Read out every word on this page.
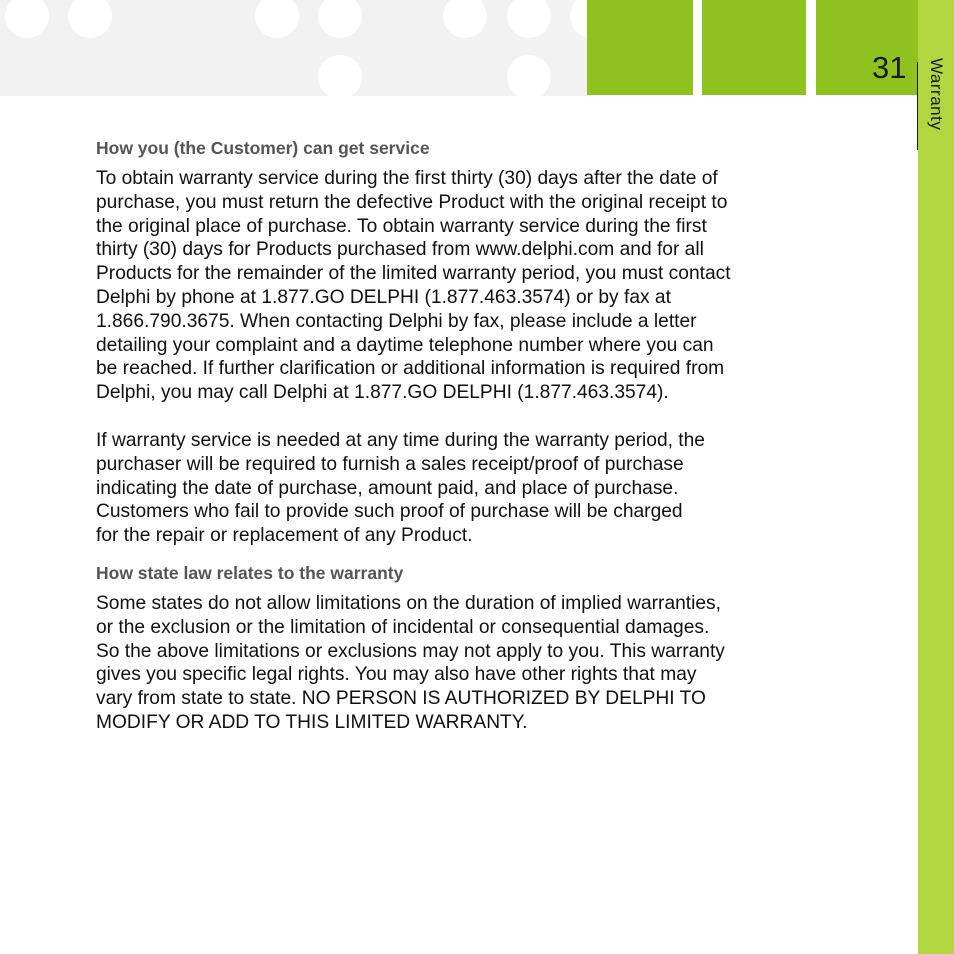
Warranty
31
How you (the Customer) can get service

To obtain warranty service during the first thirty (30) days after the date of
purchase, you must return the defective Product with the original receipt to
the original place of purchase. To obtain warranty service during the first
thirty (30) days for Products purchased from www.delphi.com and for all
Products for the remainder of the limited warranty period, you must contact
Delphi by phone at 1.877.GO DELPHI (1.877.463.3574) or by fax at
1.866.790.3675. When contacting Delphi by fax, please include a letter
detailing your complaint and a daytime telephone number where you can
be reached. If further clarification or additional information is required from
Delphi, you may call Delphi at 1.877.GO DELPHI (1.877.463.3574).

If warranty service is needed at any time during the warranty period, the
purchaser will be required to furnish a sales receipt/proof of purchase
indicating the date of purchase, amount paid, and place of purchase.
Customers who fail to provide such proof of purchase will be charged
for the repair or replacement of any Product.

How state law relates to the warranty

Some states do not allow limitations on the duration of implied warranties,
or the exclusion or the limitation of incidental or consequential damages.
So the above limitations or exclusions may not apply to you. This warranty
gives you specific legal rights. You may also have other rights that may
vary from state to state. NO PERSON IS AUTHORIZED BY DELPHI TO
MODIFY OR ADD TO THIS LIMITED WARRANTY.
